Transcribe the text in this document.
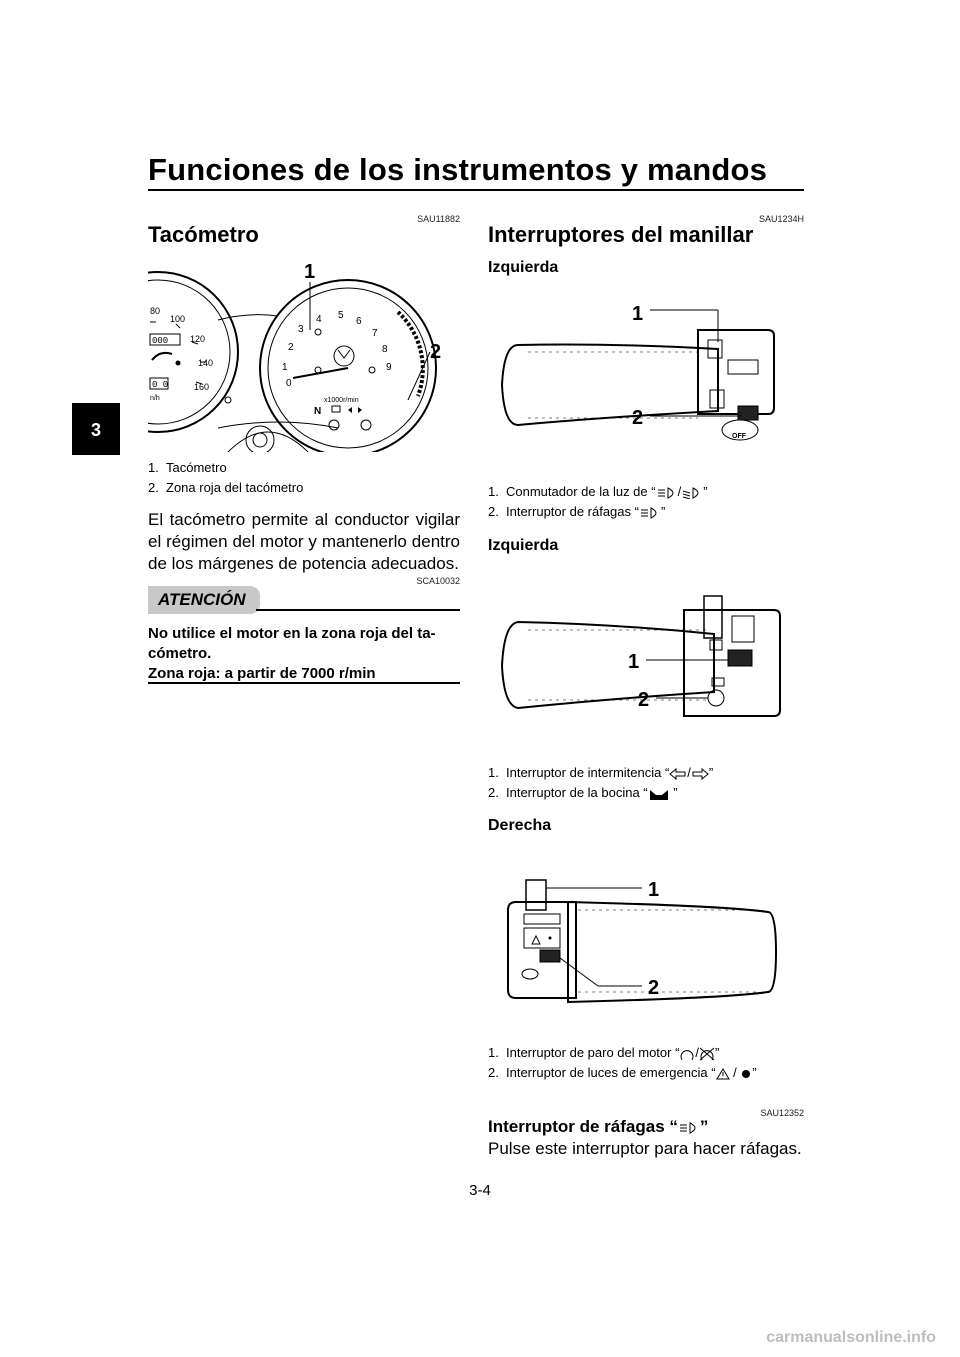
Funciones de los instrumentos y mandos
3
SAU11882
Tacómetro
80
100
120
140
160
000
0 0
n/h
0
1
2
3
4 5
6
7
8
9
x1000r/min
N
1
2
1. Tacómetro
2. Zona roja del tacómetro
El tacómetro permite al conductor vigilar el régimen del motor y mantenerlo dentro de los márgenes de potencia adecuados.
SCA10032
ATENCIÓN
No utilice el motor en la zona roja del ta-
cómetro.
Zona roja: a partir de 7000 r/min
SAU1234H
Interruptores del manillar
Izquierda
OFF
1
2
1. Conmutador de la luz de “ / ”
2. Interruptor de ráfagas “ ”
Izquierda
1
2
1. Interruptor de intermitencia “ / ”
2. Interruptor de la bocina “ ”
Derecha
1
2
1. Interruptor de paro del motor “ / ”
2. Interruptor de luces de emergencia “ / ”
SAU12352
Interruptor de ráfagas “ ”
Pulse este interruptor para hacer ráfagas.
3-4
carmanualsonline.info
